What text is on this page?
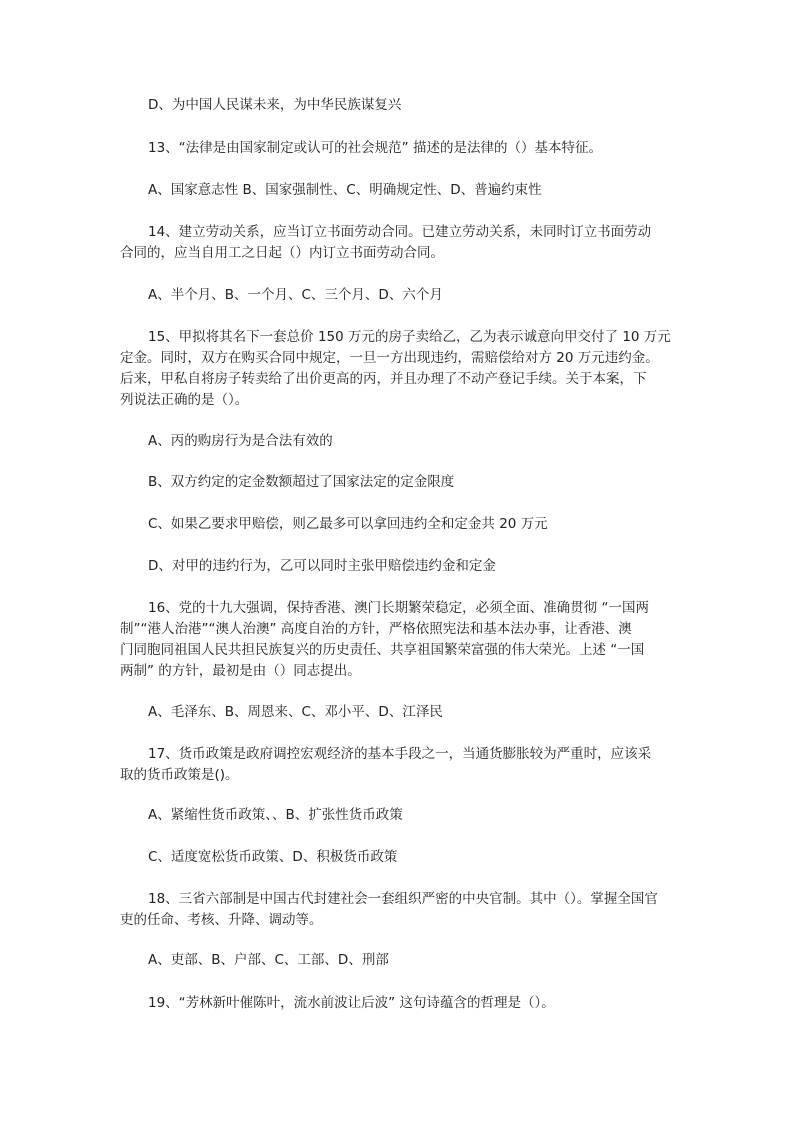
D、为中国人民谋未来，为中华民族谋复兴
13、“法律是由国家制定或认可的社会规范” 描述的是法律的（）基本特征。
A、国家意志性 B、国家强制性、C、明确规定性、D、普遍约束性
14、建立劳动关系，应当订立书面劳动合同。已建立劳动关系，未同时订立书面劳动
合同的，应当自用工之日起（）内订立书面劳动合同。
A、半个月、B、一个月、C、三个月、D、六个月
15、甲拟将其名下一套总价 150 万元的房子卖给乙，乙为表示诚意向甲交付了 10 万元
定金。同时，双方在购买合同中规定，一旦一方出现违约，需赔偿给对方 20 万元违约金。
后来，甲私自将房子转卖给了出价更高的丙，并且办理了不动产登记手续。关于本案，下
列说法正确的是（）。
A、丙的购房行为是合法有效的
B、双方约定的定金数额超过了国家法定的定金限度
C、如果乙要求甲赔偿，则乙最多可以拿回违约全和定金共 20 万元
D、对甲的违约行为，乙可以同时主张甲赔偿违约金和定金
16、党的十九大强调，保持香港、澳门长期繁荣稳定，必须全面、准确贯彻 “一国两
制”“港人治港”“澳人治澳” 高度自治的方针，严格依照宪法和基本法办事，让香港、澳
门同胞同祖国人民共担民族复兴的历史责任、共享祖国繁荣富强的伟大荣光。上述 “一国
两制” 的方针，最初是由（）同志提出。
A、毛泽东、B、周恩来、C、邓小平、D、江泽民
17、货币政策是政府调控宏观经济的基本手段之一，当通货膨胀较为严重时，应该采
取的货币政策是()。
A、紧缩性货币政策、、B、扩张性货币政策
C、适度宽松货币政策、D、积极货币政策
18、三省六部制是中国古代封建社会一套组织严密的中央官制。其中（）。掌握全国官
吏的任命、考核、升降、调动等。
A、吏部、B、户部、C、工部、D、刑部
19、“芳林新叶催陈叶，流水前波让后波” 这句诗蕴含的哲理是（）。
